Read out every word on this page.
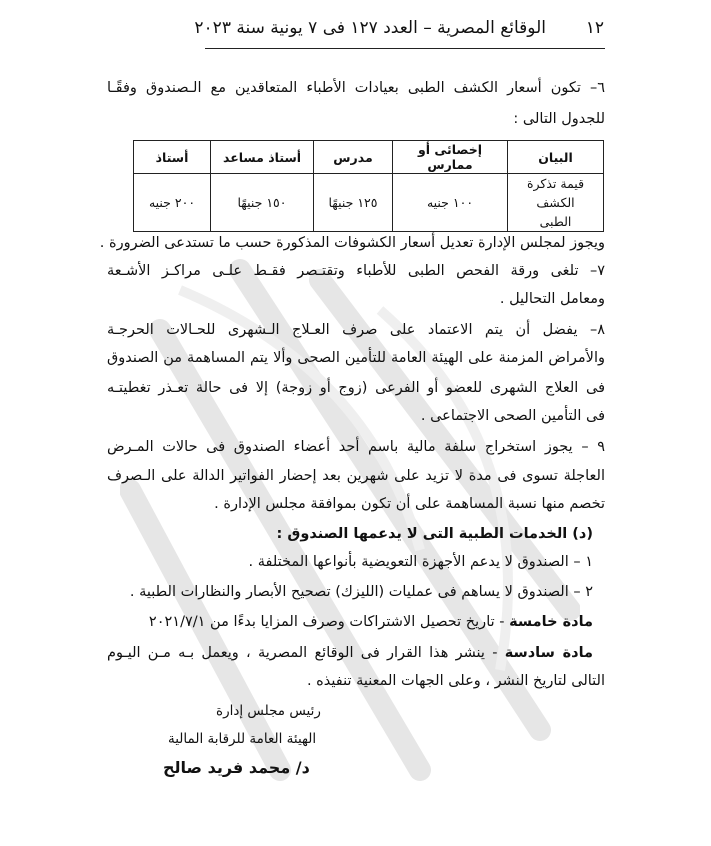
١٢
الوقائع المصرية – العدد ١٢٧ فى ٧ يونية سنة ٢٠٢٣
٦– تكون أسعار الكشف الطبى بعيادات الأطباء المتعاقدين مع الـصندوق وفقًـا
للجدول التالى :
البيان	إخصائى أو ممارس	مدرس	أستاذ مساعد	أستاذ
قيمة تذكرة الكشف الطبى	١٠٠ جنيه	١٢٥ جنيهًا	١٥٠ جنيهًا	٢٠٠ جنيه
ويجوز لمجلس الإدارة تعديل أسعار الكشوفات المذكورة حسب ما تستدعى الضرورة .
٧– تلغى ورقة الفحص الطبى للأطباء وتقتـصر فقـط علـى مراكـز الأشـعة
ومعامل التحاليل .
٨– يفضل أن يتم الاعتماد على صرف العـلاج الـشهرى للحـالات الحرجـة
والأمراض المزمنة على الهيئة العامة للتأمين الصحى وألا يتم المساهمة من الصندوق
فى العلاج الشهرى للعضو أو الفرعى (زوج أو زوجة) إلا فى حالة تعـذر تغطيتـه
فى التأمين الصحى الاجتماعى .
٩ – يجوز استخراج سلفة مالية باسم أحد أعضاء الصندوق فى حالات المـرض
العاجلة تسوى فى مدة لا تزيد على شهرين بعد إحضار الفواتير الدالة على الـصرف
تخصم منها نسبة المساهمة على أن تكون بموافقة مجلس الإدارة .
(د) الخدمات الطبية التى لا يدعمها الصندوق :
١ – الصندوق لا يدعم الأجهزة التعويضية بأنواعها المختلفة .
٢ – الصندوق لا يساهم فى عمليات (الليزك) تصحيح الأبصار والنظارات الطبية .
مادة خامسة - تاريخ تحصيل الاشتراكات وصرف المزايا بدءًا من ٢٠٢١/٧/١
مادة سادسة - ينشر هذا القرار فى الوقائع المصرية ، ويعمل بـه مـن اليـوم
التالى لتاريخ النشر ، وعلى الجهات المعنية تنفيذه .
رئيس مجلس إدارة
الهيئة العامة للرقابة المالية
د/ محمد فريد صالح
